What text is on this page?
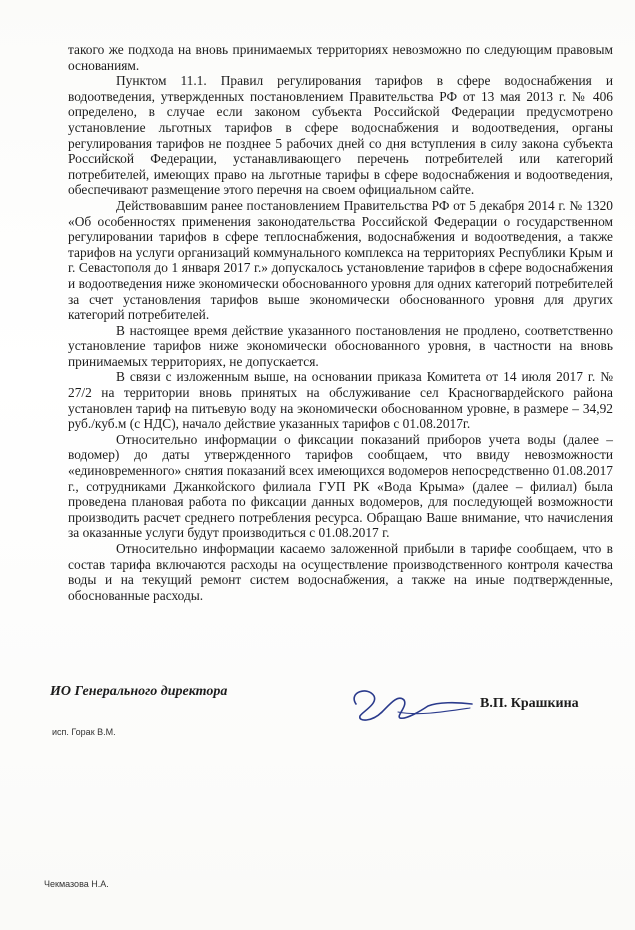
такого же подхода на вновь принимаемых территориях невозможно по следующим правовым основаниям.

Пунктом 11.1. Правил регулирования тарифов в сфере водоснабжения и водоотведения, утвержденных постановлением Правительства РФ от 13 мая 2013 г. № 406 определено, в случае если законом субъекта Российской Федерации предусмотрено установление льготных тарифов в сфере водоснабжения и водоотведения, органы регулирования тарифов не позднее 5 рабочих дней со дня вступления в силу закона субъекта Российской Федерации, устанавливающего перечень потребителей или категорий потребителей, имеющих право на льготные тарифы в сфере водоснабжения и водоотведения, обеспечивают размещение этого перечня на своем официальном сайте.

Действовавшим ранее постановлением Правительства РФ от 5 декабря 2014 г. № 1320 «Об особенностях применения законодательства Российской Федерации о государственном регулировании тарифов в сфере теплоснабжения, водоснабжения и водоотведения, а также тарифов на услуги организаций коммунального комплекса на территориях Республики Крым и г. Севастополя до 1 января 2017 г.» допускалось установление тарифов в сфере водоснабжения и водоотведения ниже экономически обоснованного уровня для одних категорий потребителей за счет установления тарифов выше экономически обоснованного уровня для других категорий потребителей.

В настоящее время действие указанного постановления не продлено, соответственно установление тарифов ниже экономически обоснованного уровня, в частности на вновь принимаемых территориях, не допускается.

В связи с изложенным выше, на основании приказа Комитета от 14 июля 2017 г. № 27/2 на территории вновь принятых на обслуживание сел Красногвардейского района установлен тариф на питьевую воду на экономически обоснованном уровне, в размере – 34,92 руб./куб.м (с НДС), начало действие указанных тарифов с 01.08.2017г.

Относительно информации о фиксации показаний приборов учета воды (далее – водомер) до даты утвержденного тарифов сообщаем, что ввиду невозможности «единовременного» снятия показаний всех имеющихся водомеров непосредственно 01.08.2017 г., сотрудниками Джанкойского филиала ГУП РК «Вода Крыма» (далее – филиал) была проведена плановая работа по фиксации данных водомеров, для последующей возможности производить расчет среднего потребления ресурса. Обращаю Ваше внимание, что начисления за оказанные услуги будут производиться с 01.08.2017 г.

Относительно информации касаемо заложенной прибыли в тарифе сообщаем, что в состав тарифа включаются расходы на осуществление производственного контроля качества воды и на текущий ремонт систем водоснабжения, а также на иные подтвержденные, обоснованные расходы.

ИО Генерального директора
В.П. Крашкина
исп. Горак В.М.
Чекмазова Н.А.
